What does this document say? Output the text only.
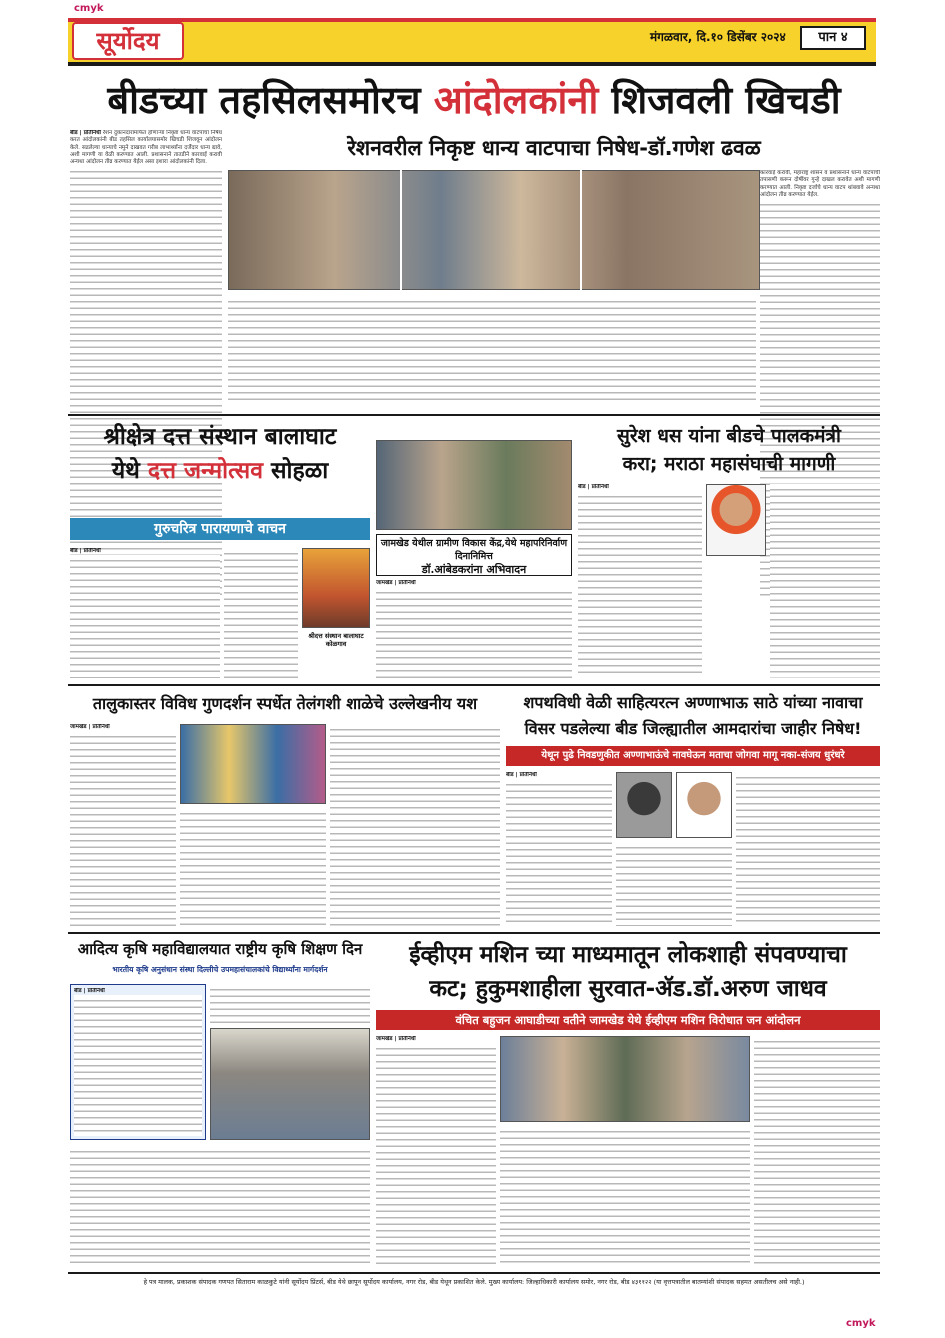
cmyk
सूर्योदय	मंगळवार, दि.१० डिसेंबर २०२४	पान ४
बीडच्या तहसिलसमोरच आंदोलकांनी शिजवली खिचडी
रेशनवरील निकृष्ट धान्य वाटपाचा निषेध-डॉ.गणेश ढवळ
बीड | प्रतिनिधी रेशन दुकानदारामार्फत होणाऱ्या निकृष्ट धान्य वाटपाचा निषेध करत आंदोलकांनी बीड तहसिल कार्यालयासमोर खिचडी शिजवून आंदोलन केले. सडलेल्या धान्याचे नमुने दाखवत गरीब लाभार्थ्यांना दर्जेदार धान्य द्यावे, अशी मागणी या वेळी करण्यात आली. प्रशासनाने तातडीने कारवाई करावी अन्यथा आंदोलन तीव्र करण्यात येईल असा इशारा आंदोलकांनी दिला.
कारवाई करावी, महाराष्ट्र शासन व प्रशासनाने धान्य वाटपाची तपासणी करून दोषींवर गुन्हे दाखल करावेत अशी मागणी करण्यात आली. निकृष्ट दर्जाचे धान्य वाटप थांबवावे अन्यथा आंदोलन तीव्र करण्यात येईल.
श्रीक्षेत्र दत्त संस्थान बालाघाट
येथे दत्त जन्मोत्सव सोहळा
गुरुचरित्र पारायणाचे वाचन
बीड | प्रतिनिधी
श्रीदत्त संस्थान बालाघाट कोळगाव
जामखेड येथील ग्रामीण विकास केंद्र,येथे महापरिनिर्वाण दिनानिमित्त
डॉ.आंबेडकरांना अभिवादन
जामखेड | प्रतिनिधी
सुरेश धस यांना बीडचे पालकमंत्री
करा; मराठा महासंघाची मागणी
बीड | प्रतिनिधी
तालुकास्तर विविध गुणदर्शन स्पर्धेत तेलंगशी शाळेचे उल्लेखनीय यश
जामखेड | प्रतिनिधी
शपथविधी वेळी साहित्यरत्न अण्णाभाऊ साठे यांच्या नावाचा
विसर पडलेल्या बीड जिल्ह्यातील आमदारांचा जाहीर निषेध!
येथून पुढे निवडणुकीत अण्णाभाऊंचे नावघेऊन मताचा जोगवा मागू नका-संजय धुरंधरे
बीड | प्रतिनिधी
आदित्य कृषि महाविद्यालयात राष्ट्रीय कृषि शिक्षण दिन
भारतीय कृषि अनुसंधान संस्था दिल्लीचे उपमहासंचालकांचे विद्यार्थ्यांना मार्गदर्शन
बीड | प्रतिनिधी
ईव्हीएम मशिन च्या माध्यमातून लोकशाही संपवण्याचा
कट; हुकुमशाहीला सुरवात-ॲड.डॉ.अरुण जाधव
वंचित बहुजन आघाडीच्या वतीने जामखेड येथे ईव्हीएम मशिन विरोधात जन आंदोलन
जामखेड | प्रतिनिधी
हे पत्र मालक, प्रकाशक संपादक गणपत सिताराम काळकुटे यांनी सूर्योदय प्रिंटर्स, बीड येथे छापून सूर्योदय कार्यालय, नगर रोड, बीड येथून प्रकाशित केले. मुख्य कार्यालय: जिल्हाधिकारी कार्यालय समोर, नगर रोड, बीड ४३११२२ (या वृत्तपत्रातील बातम्यांशी संपादक सहमत असतीलच असे नाही.)
cmyk
